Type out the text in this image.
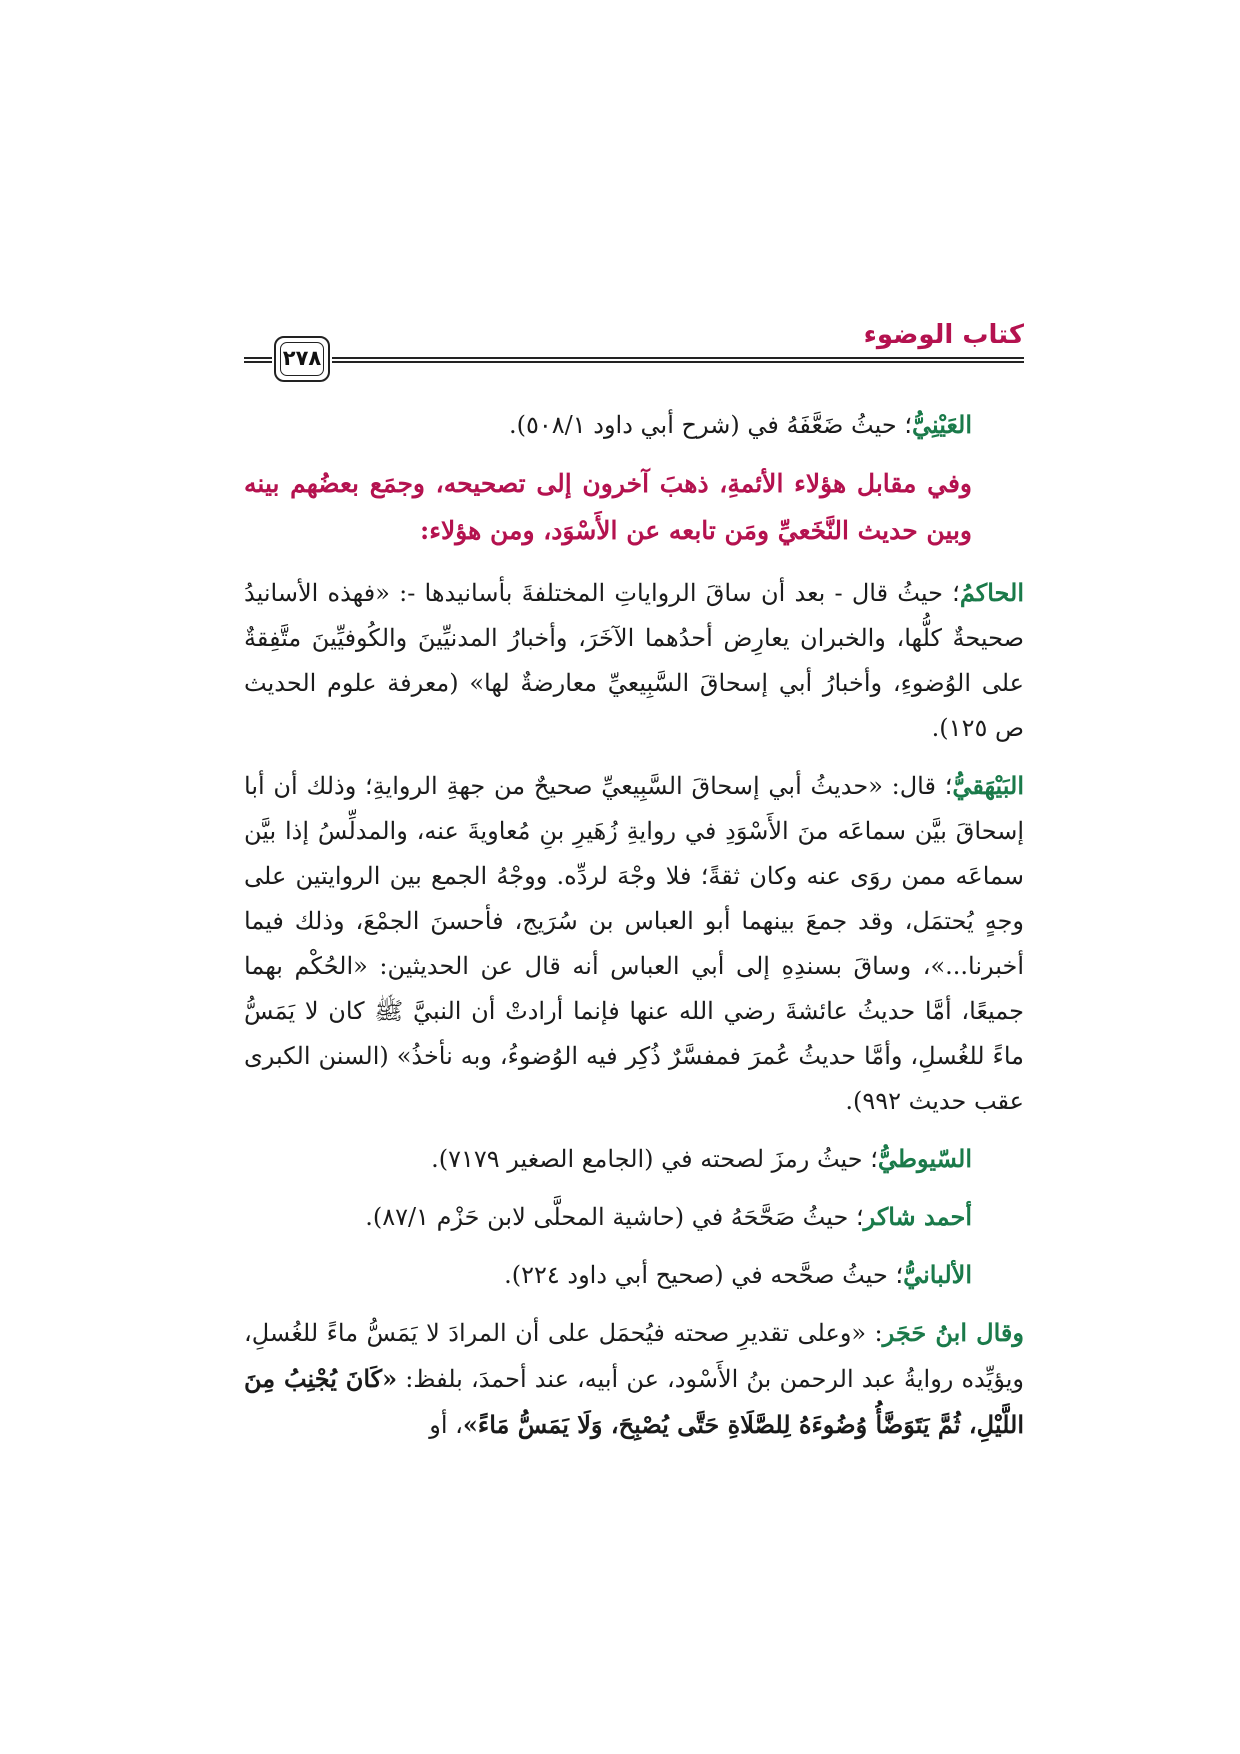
٢٧٨
كتاب الوضوء

العَيْنِيُّ؛ حيثُ ضَعَّفَهُ في (شرح أبي داود ٥٠٨/١).

وفي مقابل هؤلاء الأئمةِ، ذهبَ آخرون إلى تصحيحه، وجمَع بعضُهم بينه وبين حديث النَّخَعيِّ ومَن تابعه عن الأَسْوَد، ومن هؤلاء:

الحاكمُ؛ حيثُ قال - بعد أن ساقَ الرواياتِ المختلفةَ بأسانيدها -: «فهذه الأسانيدُ صحيحةٌ كلُّها، والخبران يعارِض أحدُهما الآخَرَ، وأخبارُ المدنيِّينَ والكُوفيِّينَ متَّفِقةٌ على الوُضوءِ، وأخبارُ أبي إسحاقَ السَّبِيعيِّ معارضةٌ لها» (معرفة علوم الحديث ص ١٢٥).

البَيْهَقيُّ؛ قال: «حديثُ أبي إسحاقَ السَّبِيعيِّ صحيحٌ من جهةِ الروايةِ؛ وذلك أن أبا إسحاقَ بيَّن سماعَه منَ الأَسْوَدِ في روايةِ زُهَيرِ بنِ مُعاويةَ عنه، والمدلِّسُ إذا بيَّن سماعَه ممن روَى عنه وكان ثقةً؛ فلا وجْهَ لردِّه. ووجْهُ الجمع بين الروايتين على وجهٍ يُحتمَل، وقد جمعَ بينهما أبو العباس بن سُرَيج، فأحسنَ الجمْعَ، وذلك فيما أخبرنا...»، وساقَ بسندِهِ إلى أبي العباس أنه قال عن الحديثين: «الحُكْم بهما جميعًا، أمَّا حديثُ عائشةَ رضي الله عنها فإنما أرادتْ أن النبيَّ ﷺ كان لا يَمَسُّ ماءً للغُسلِ، وأمَّا حديثُ عُمرَ فمفسَّرٌ ذُكِر فيه الوُضوءُ، وبه نأخذُ» (السنن الكبرى عقب حديث ٩٩٢).

السّيوطيُّ؛ حيثُ رمزَ لصحته في (الجامع الصغير ٧١٧٩).

أحمد شاكر؛ حيثُ صَحَّحَهُ في (حاشية المحلَّى لابن حَزْم ٨٧/١).

الألبانيُّ؛ حيثُ صحَّحه في (صحيح أبي داود ٢٢٤).

وقال ابنُ حَجَر: «وعلى تقديرِ صحته فيُحمَل على أن المرادَ لا يَمَسُّ ماءً للغُسلِ، ويؤيِّده روايةُ عبد الرحمن بنُ الأَسْود، عن أبيه، عند أحمدَ، بلفظ: «كَانَ يُجْنِبُ مِنَ اللَّيْلِ، ثُمَّ يَتَوَضَّأُ وُضُوءَهُ لِلصَّلَاةِ حَتَّى يُصْبِحَ، وَلَا يَمَسُّ مَاءً»، أو
